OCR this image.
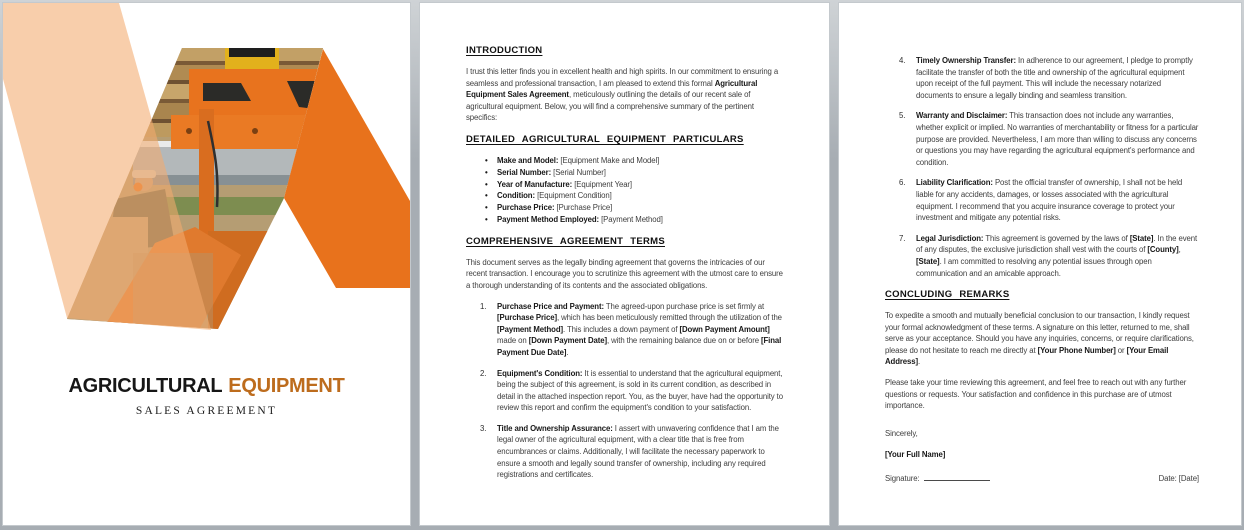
AGRICULTURAL EQUIPMENT
SALES AGREEMENT
INTRODUCTION

I trust this letter finds you in excellent health and high spirits. In our commitment to ensuring a seamless and professional transaction, I am pleased to extend this formal Agricultural Equipment Sales Agreement, meticulously outlining the details of our recent sale of agricultural equipment. Below, you will find a comprehensive summary of the pertinent specifics:

DETAILED AGRICULTURAL EQUIPMENT PARTICULARS
• Make and Model: [Equipment Make and Model]
• Serial Number: [Serial Number]
• Year of Manufacture: [Equipment Year]
• Condition: [Equipment Condition]
• Purchase Price: [Purchase Price]
• Payment Method Employed: [Payment Method]
COMPREHENSIVE AGREEMENT TERMS

This document serves as the legally binding agreement that governs the intricacies of our recent transaction. I encourage you to scrutinize this agreement with the utmost care to ensure a thorough understanding of its contents and the associated obligations.

1. Purchase Price and Payment: The agreed-upon purchase price is set firmly at [Purchase Price], which has been meticulously remitted through the utilization of the [Payment Method]. This includes a down payment of [Down Payment Amount] made on [Down Payment Date], with the remaining balance due on or before [Final Payment Due Date].
2. Equipment's Condition: It is essential to understand that the agricultural equipment, being the subject of this agreement, is sold in its current condition, as described in detail in the attached inspection report. You, as the buyer, have had the opportunity to review this report and confirm the equipment's condition to your satisfaction.
3. Title and Ownership Assurance: I assert with unwavering confidence that I am the legal owner of the agricultural equipment, with a clear title that is free from encumbrances or claims. Additionally, I will facilitate the necessary paperwork to ensure a smooth and legally sound transfer of ownership, including any required registrations and certificates.
4. Timely Ownership Transfer: In adherence to our agreement, I pledge to promptly facilitate the transfer of both the title and ownership of the agricultural equipment upon receipt of the full payment. This will include the necessary notarized documents to ensure a legally binding and seamless transition.
5. Warranty and Disclaimer: This transaction does not include any warranties, whether explicit or implied. No warranties of merchantability or fitness for a particular purpose are provided. Nevertheless, I am more than willing to discuss any concerns or questions you may have regarding the agricultural equipment's performance and condition.
6. Liability Clarification: Post the official transfer of ownership, I shall not be held liable for any accidents, damages, or losses associated with the agricultural equipment. I recommend that you acquire insurance coverage to protect your investment and mitigate any potential risks.
7. Legal Jurisdiction: This agreement is governed by the laws of [State]. In the event of any disputes, the exclusive jurisdiction shall vest with the courts of [County], [State]. I am committed to resolving any potential issues through open communication and an amicable approach.
CONCLUDING REMARKS

To expedite a smooth and mutually beneficial conclusion to our transaction, I kindly request your formal acknowledgment of these terms. A signature on this letter, returned to me, shall serve as your acceptance. Should you have any inquiries, concerns, or require clarifications, please do not hesitate to reach me directly at [Your Phone Number] or [Your Email Address].

Please take your time reviewing this agreement, and feel free to reach out with any further questions or requests. Your satisfaction and confidence in this purchase are of utmost importance.

Sincerely,

[Your Full Name]

Signature:	Date: [Date]
